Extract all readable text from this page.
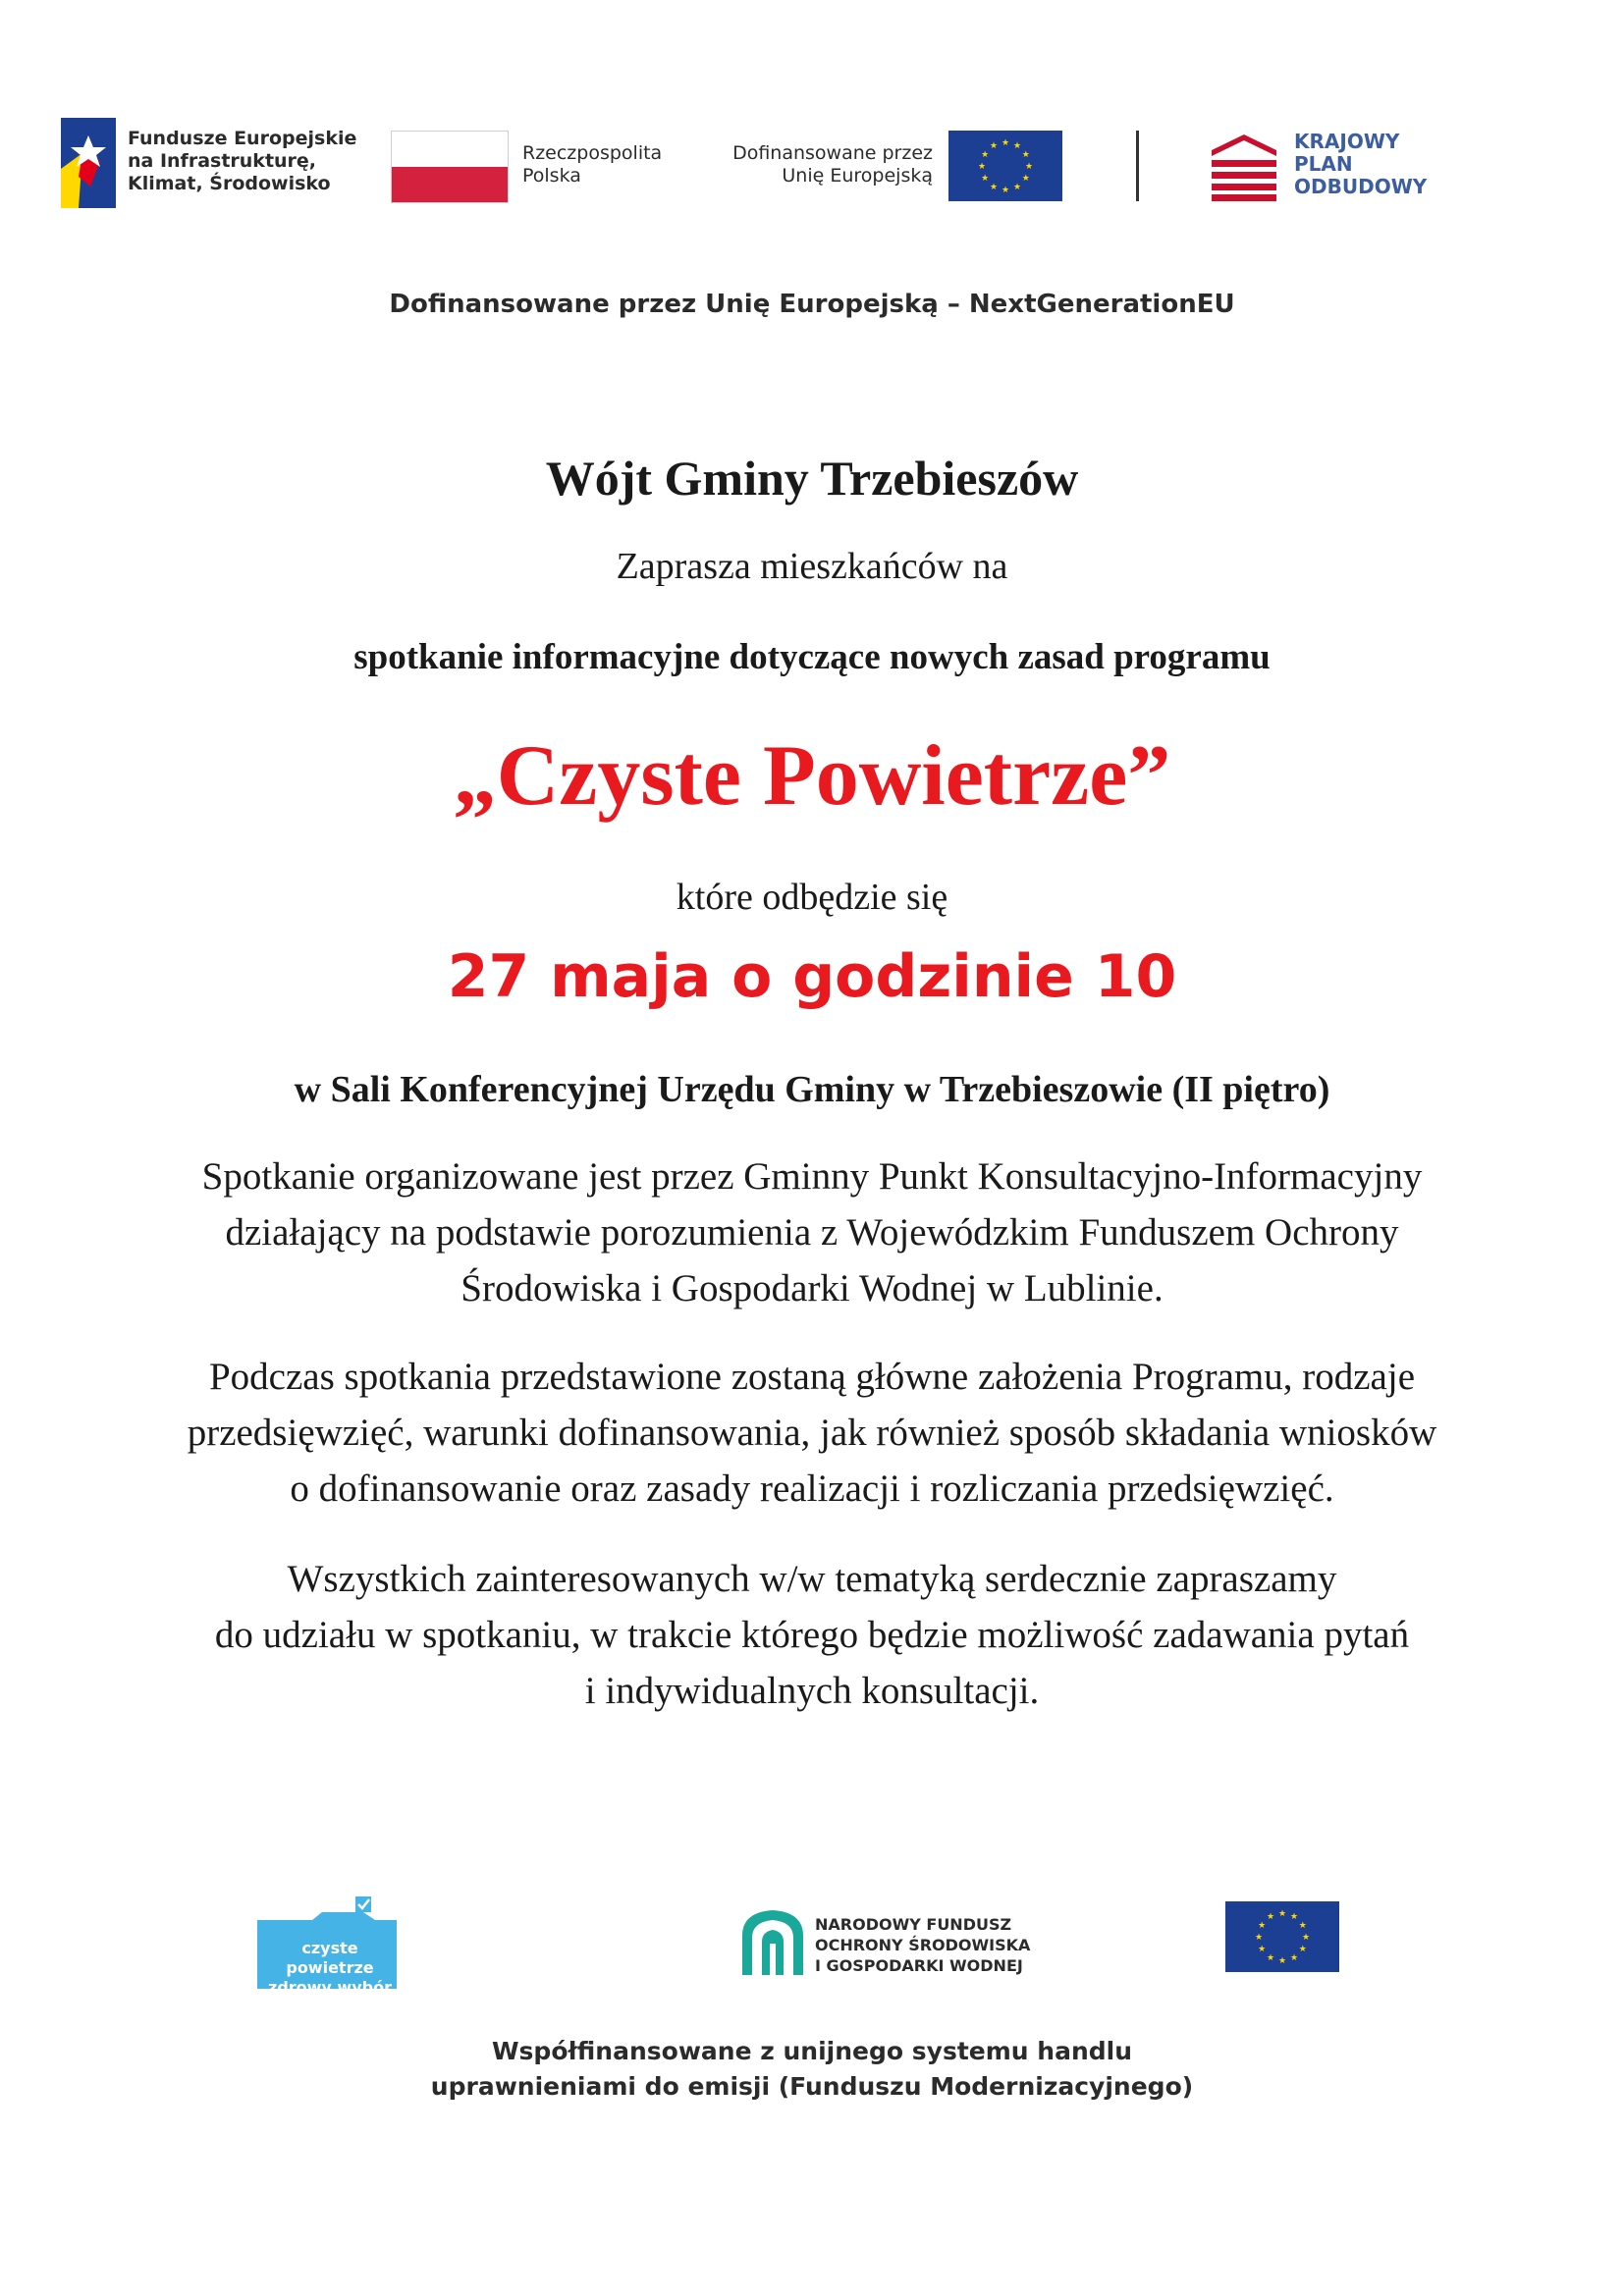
Fundusze Europejskie
na Infrastrukturę,
Klimat, Środowisko
Rzeczpospolita
Polska
Dofinansowane przez
Unię Europejską
★ ★
★
★
★
★
★
★
★
★
★
★	KRAJOWY
PLAN
ODBUDOWY
Dofinansowane przez Unię Europejską – NextGenerationEU
Wójt Gminy Trzebieszów
Zaprasza mieszkańców na
spotkanie informacyjne dotyczące nowych zasad programu
„Czyste Powietrze”
które odbędzie się
27 maja o godzinie 10
w Sali Konferencyjnej Urzędu Gminy w Trzebieszowie (II piętro)
Spotkanie organizowane jest przez Gminny Punkt Konsultacyjno-Informacyjny
działający na podstawie porozumienia z Wojewódzkim Funduszem Ochrony
Środowiska i Gospodarki Wodnej w Lublinie.
Podczas spotkania przedstawione zostaną główne założenia Programu, rodzaje
przedsięwzięć, warunki dofinansowania, jak również sposób składania wniosków
o dofinansowanie oraz zasady realizacji i rozliczania przedsięwzięć.
Wszystkich zainteresowanych w/w tematyką serdecznie zapraszamy
do udziału w spotkaniu, w trakcie którego będzie możliwość zadawania pytań
i indywidualnych konsultacji.
czyste powietrze
zdrowy wybór
NARODOWY FUNDUSZ
OCHRONY ŚRODOWISKA
I GOSPODARKI WODNEJ
★ ★
★
★
★
★
★
★
★
★
★
★
Współfinansowane z unijnego systemu handlu
uprawnieniami do emisji (Funduszu Modernizacyjnego)
